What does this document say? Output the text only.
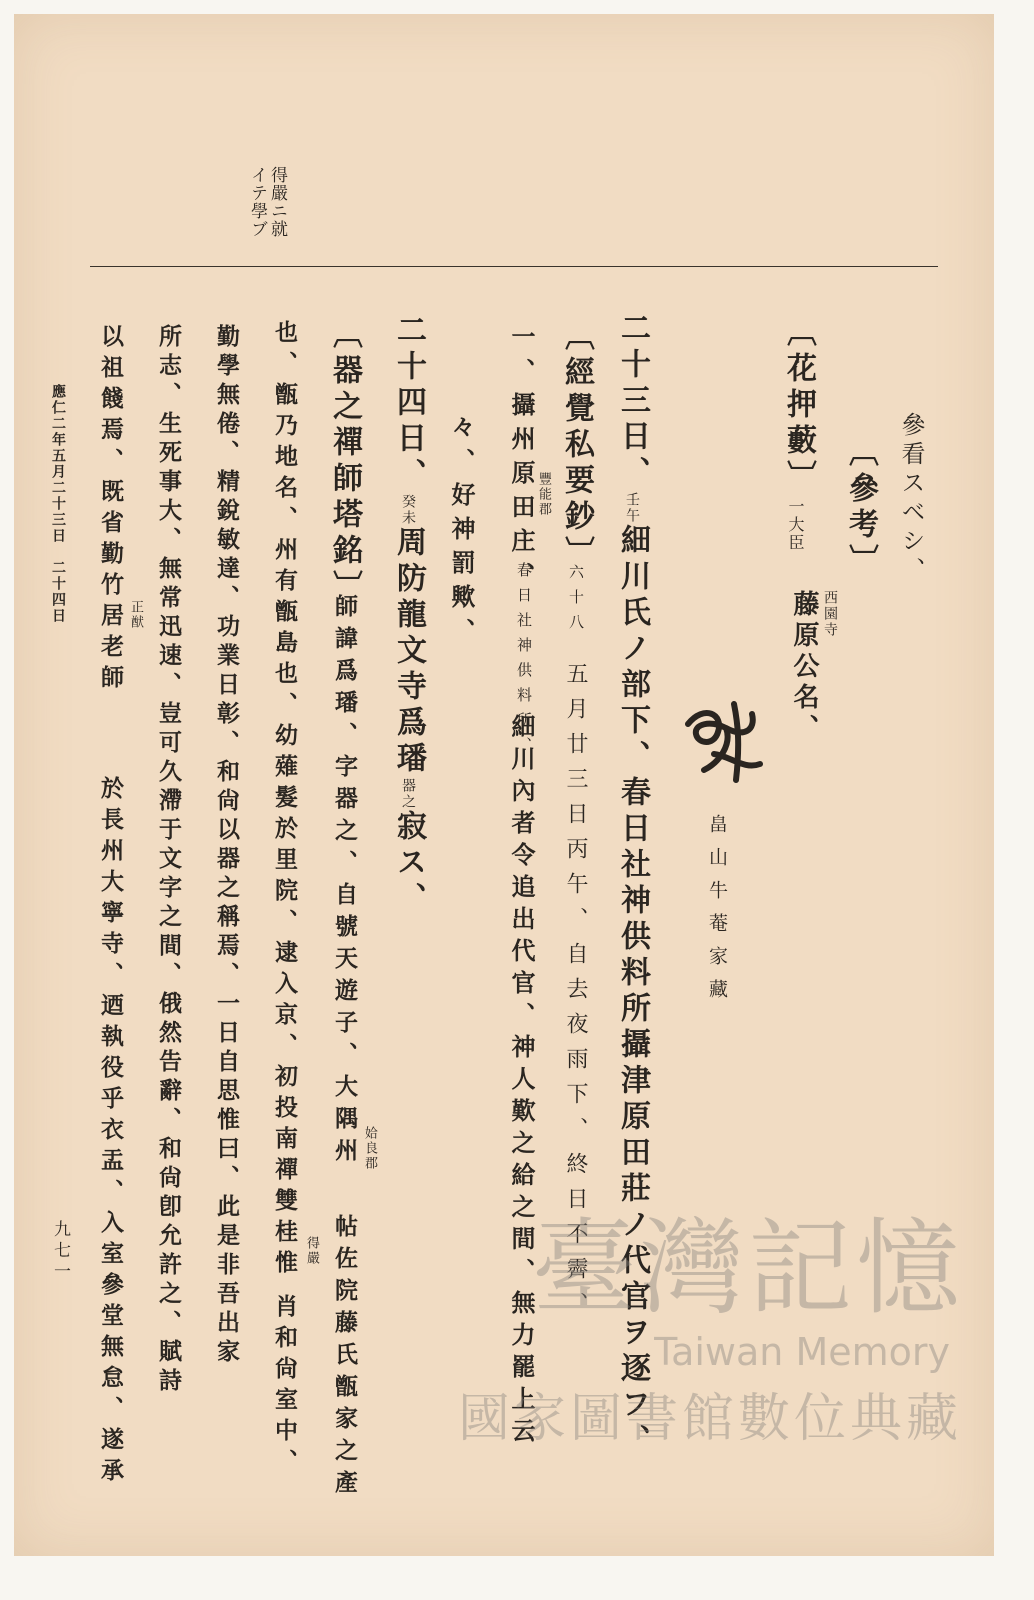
得嚴ニ就
イテ學ブ
參看スベシ、
〔參考〕
〔花押藪〕
一大臣
西園寺
藤原公名、
畠山牛菴家藏
二十三日、壬午細川氏ノ部下、春日社神供料所攝津原田莊ノ代官ヲ逐フ、
〔經覺私要鈔〕
六十八
五月廿三日丙午、自去夜雨下、終日不霽、
一、攝州原田庄、 豐能郡
春日社神供料所、
細川內者令追出代官、神人歎之給之間、無力罷上云
々、好神罰歟、
二十四日、癸未周防龍文寺爲璠器之寂ス、
〔器之禪師塔銘〕
師諱爲璠、字器之、自號天遊子、大隅州 姶良郡
帖佐院藤氏甑家之產
也、甑乃地名、州有甑島也、幼薙髮於里院、逮入京、初投南禪雙桂惟 得嚴
肖和尙室中、
勤學無倦、精銳敏達、功業日彰、和尙以器之稱焉、一日自思惟曰、此是非吾出家
所志、生死事大、無常迅速、豈可久滯于文字之間、俄然告辭、和尙卽允許之、賦詩
以祖餞焉、既省勤竹居老師 正猷
於長州大寧寺、迺執役乎衣盂、入室參堂無怠、遂承
應仁二年五月二十三日　二十四日
九七一	臺灣記憶
Taiwan Memory
國家圖書館數位典藏
